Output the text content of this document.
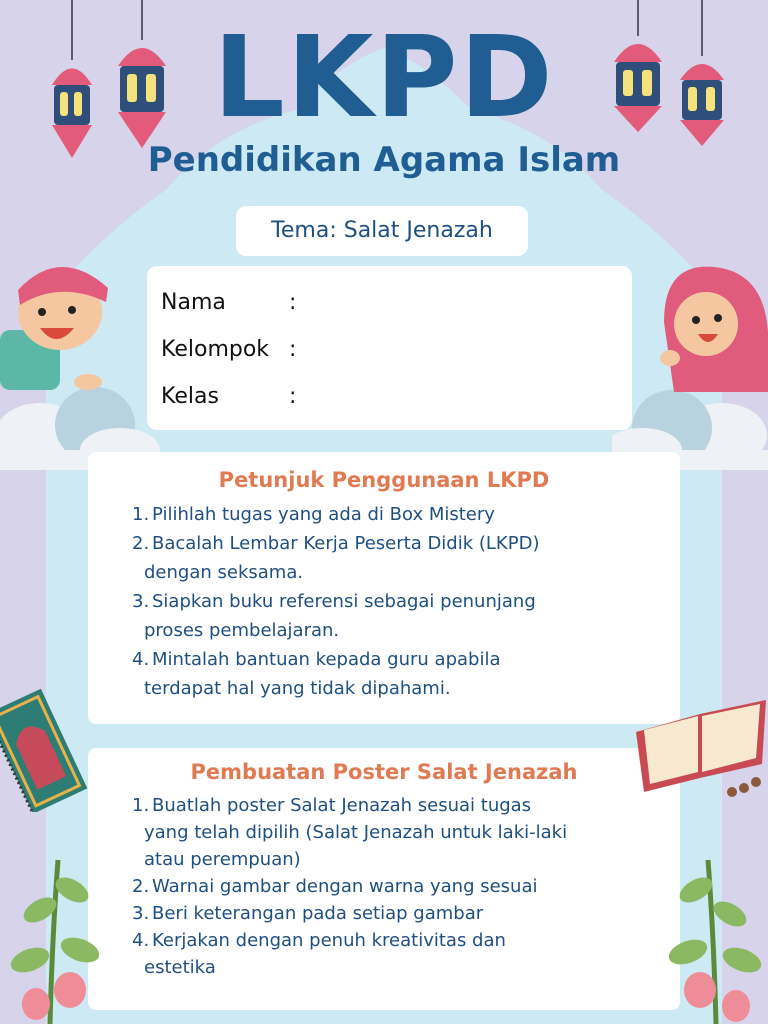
LKPD
Pendidikan Agama Islam
Tema: Salat Jenazah
Nama	:
Kelompok :
Kelas	:
Petunjuk Penggunaan LKPD
1. Pilihlah tugas yang ada di Box Mistery
2. Bacalah Lembar Kerja Peserta Didik (LKPD)
dengan seksama.
3. Siapkan buku referensi sebagai penunjang
proses pembelajaran.
4. Mintalah bantuan kepada guru apabila
terdapat hal yang tidak dipahami.
Pembuatan Poster Salat Jenazah
1. Buatlah poster Salat Jenazah sesuai tugas
yang telah dipilih (Salat Jenazah untuk laki-laki
atau perempuan)
2. Warnai gambar dengan warna yang sesuai
3. Beri keterangan pada setiap gambar
4. Kerjakan dengan penuh kreativitas dan
estetika
